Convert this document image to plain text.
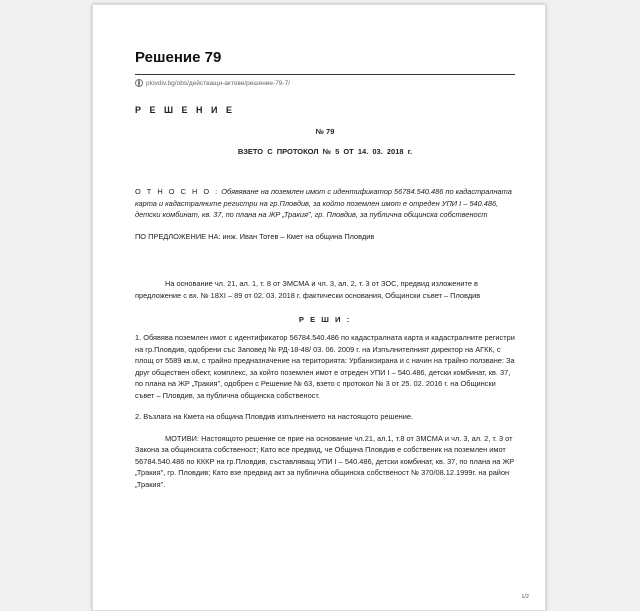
Решение 79
plovdiv.bg/obs/действащи-актове/решение-79-7/
Р Е Ш Е Н И Е
№ 79
ВЗЕТО С ПРОТОКОЛ № 5 ОТ 14. 03. 2018 г.

О Т Н О С Н О : Обявяване на поземлен имот с идентификатор 56784.540.486 по кадастралната карта и кадастралните регистри на гр.Пловдив, за който поземлен имот е отреден УПИ I – 540.486, детски комбинат, кв. 37, по плана на ЖР „Тракия", гр. Пловдив, за публична общинска собственост

ПО ПРЕДЛОЖЕНИЕ НА: инж. Иван Тотев – Кмет на община Пловдив

На основание чл. 21, ал. 1, т. 8 от ЗМСМА и чл. 3, ал. 2, т. 3 от ЗОС, предвид изложените в предложение с вх. № 18XI – 89 от 02. 03. 2018 г. фактически основания, Общински съвет – Пловдив

Р Е Ш И :

1. Обявява поземлен имот с идентификатор 56784.540.486 по кадастралната карта и кадастралните регистри на гр.Пловдив, одобрени със Заповед № РД-18-48/ 03. 06. 2009 г. на Изпълнителният директор на АГКК, с площ от 5589 кв.м, с трайно предназначение на територията: Урбанизирана и с начин на трайно ползване: За друг обществен обект, комплекс, за който поземлен имот е отреден УПИ I – 540.486, детски комбинат, кв. 37, по плана на ЖР „Тракия", одобрен с Решение № 63, взето с протокол № 3 от 25. 02. 2016 г. на Общински съвет – Пловдив, за публична общинска собственост.

2. Възлага на Кмета на община Пловдив изпълнението на настоящото решение.

МОТИВИ: Настоящото решение се прие на основание чл.21, ал.1, т.8 от ЗМСМА и чл. 3, ал. 2, т. 3 от Закона за общинската собственост; Като все предвид, че Община Пловдив е собственик на поземлен имот 56784.540.486 по КККР на гр.Пловдив, съставляващ УПИ I – 540.486, детски комбинат, кв. 37, по плана на ЖР „Тракия", гр. Пловдив; Като взе предвид акт за публична общинска собственост № 370/08.12.1999г. на район „Тракия".

1/2
